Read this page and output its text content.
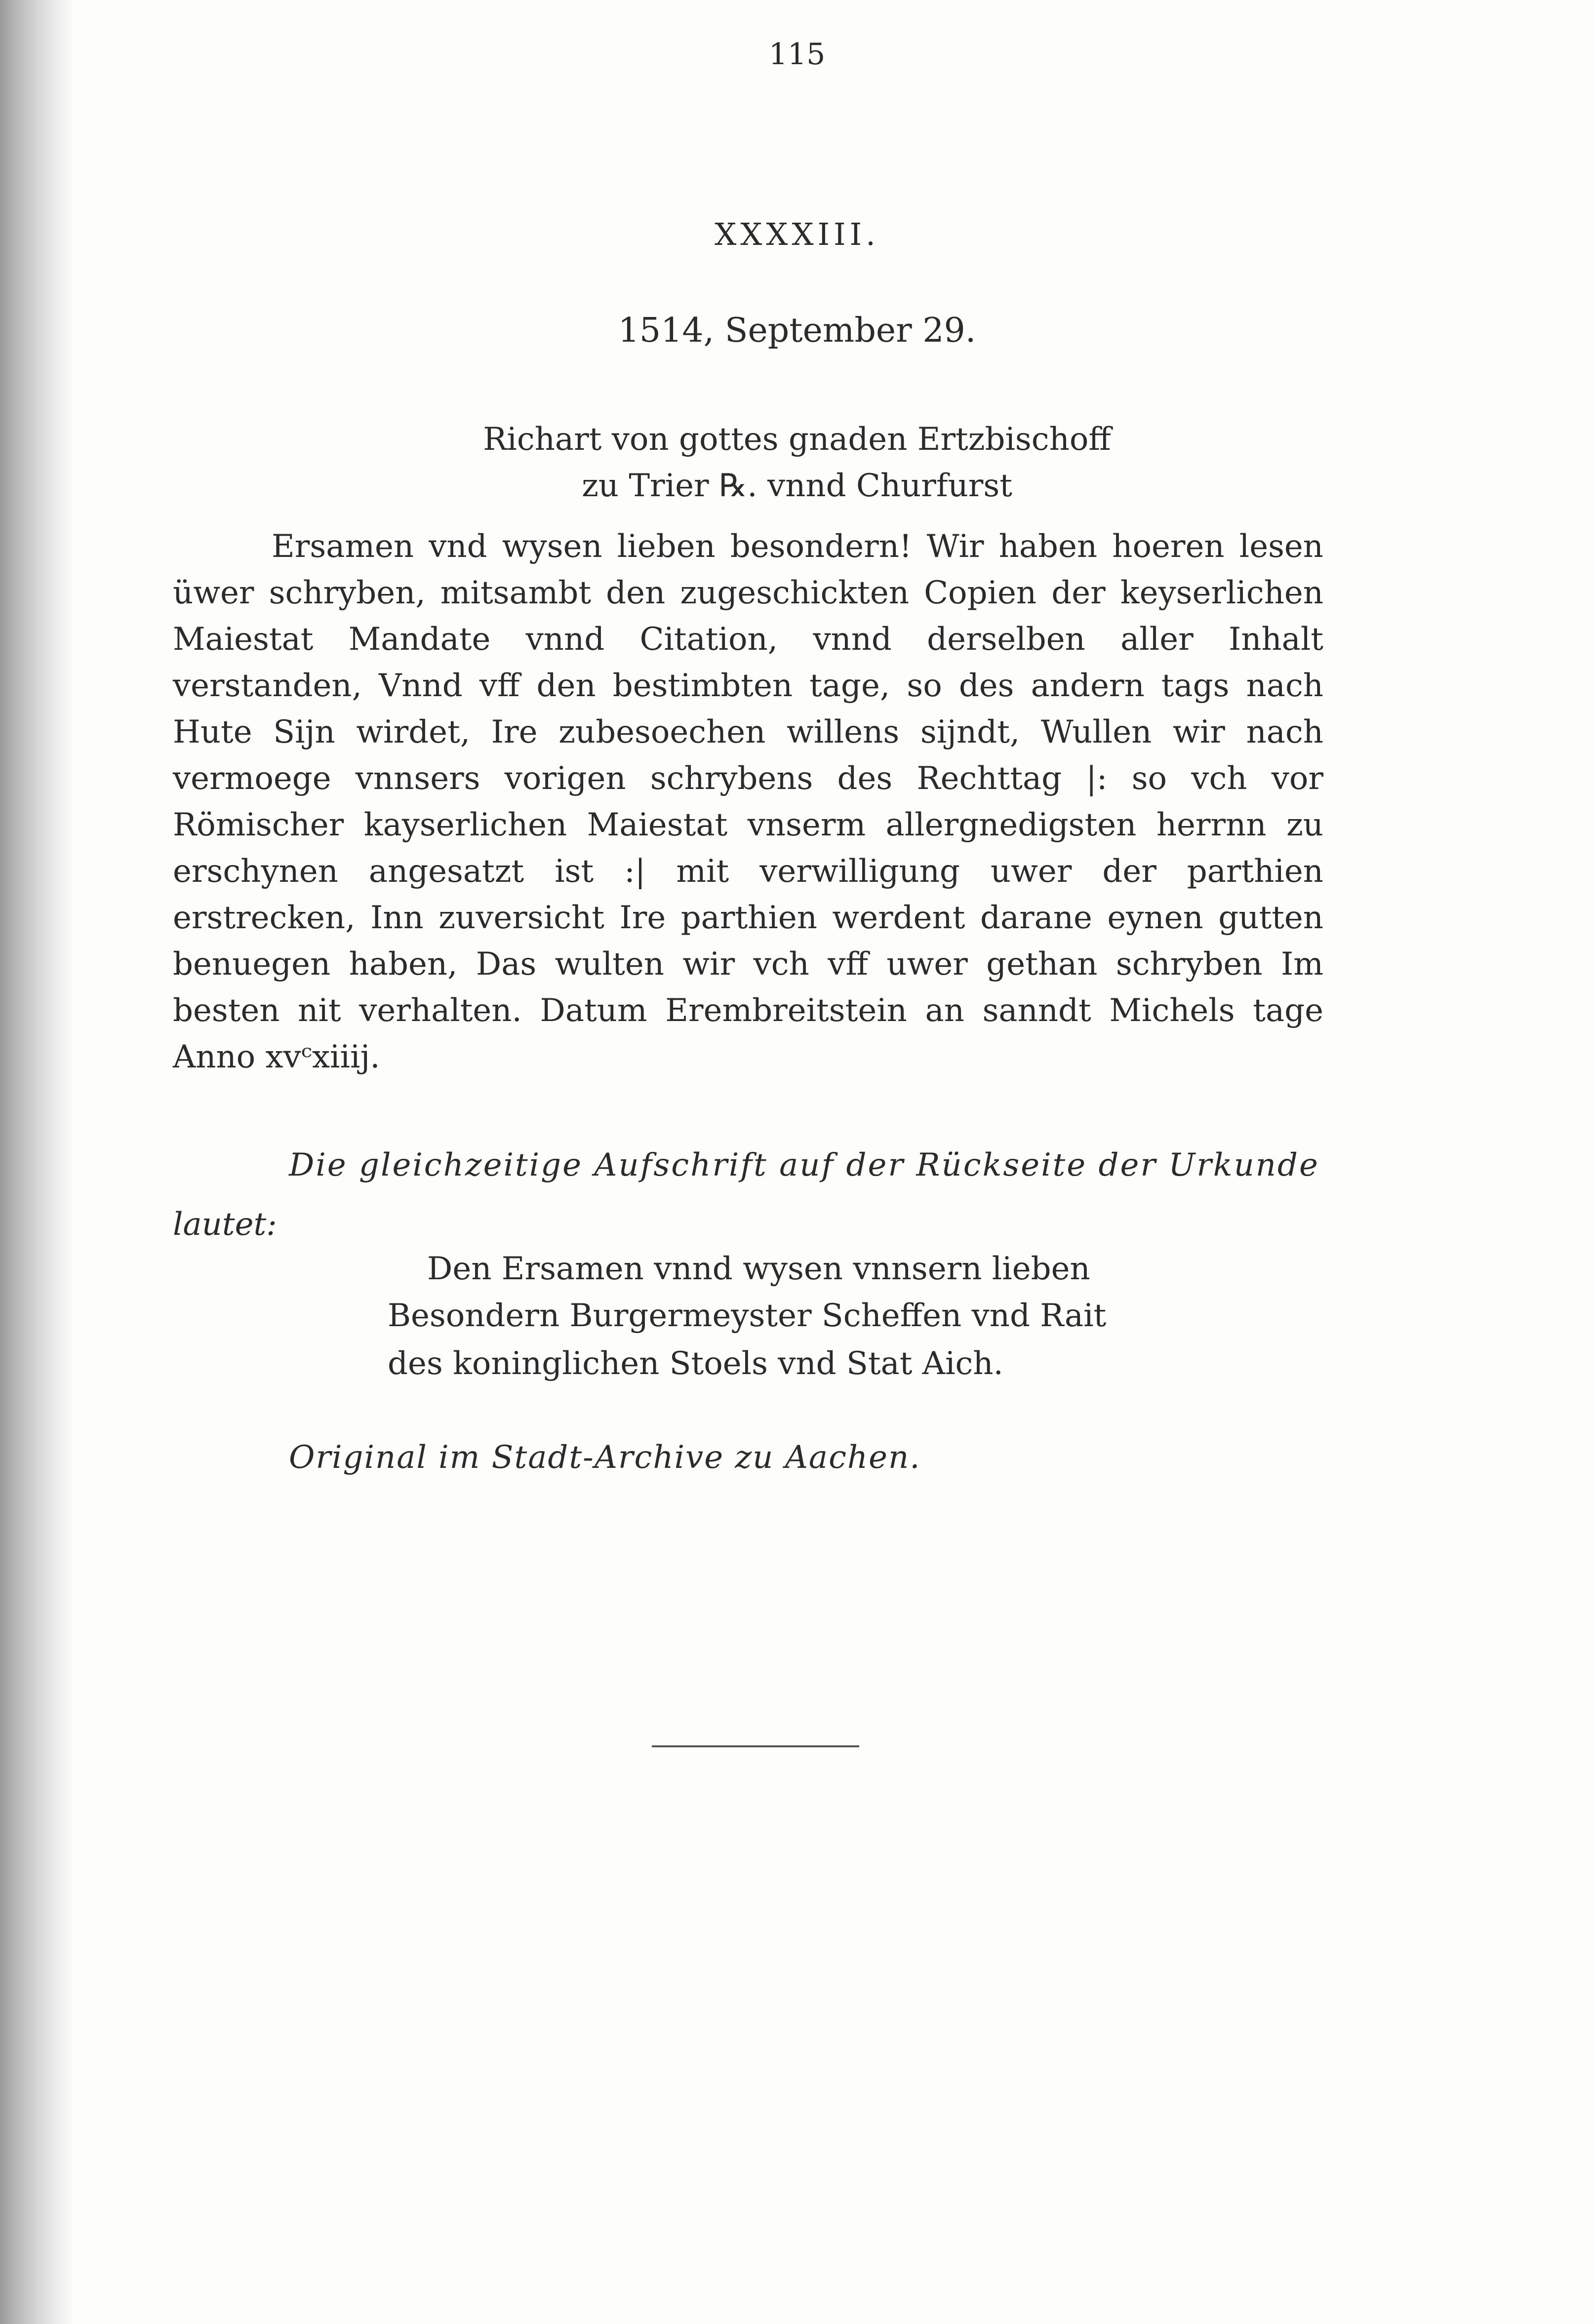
115
XXXXIII.
1514, September 29.
Richart von gottes gnaden Ertzbischoff
zu Trier ℞. vnnd Churfurst
Ersamen vnd wysen lieben besondern! Wir haben hoeren lesen üwer schryben, mitsambt den zugeschickten Copien der keyserlichen Maiestat Mandate vnnd Citation, vnnd derselben aller Inhalt verstanden, Vnnd vff den bestimbten tage, so des andern tags nach Hute Sijn wirdet, Ire zubesoechen willens sijndt, Wullen wir nach vermoege vnnsers vorigen schrybens des Rechttag |: so vch vor Römischer kayserlichen Maiestat vnserm allergnedigsten herrnn zu erschynen angesatzt ist :| mit verwilligung uwer der parthien erstrecken, Inn zuversicht Ire parthien werdent darane eynen gutten benuegen haben, Das wulten wir vch vff uwer gethan schryben Im besten nit verhalten. Datum Erembreitstein an sanndt Michels tage Anno xvᶜxiiij.
Die gleichzeitige Aufschrift auf der Rückseite der Urkunde
lautet:
Den Ersamen vnnd wysen vnnsern lieben
Besondern Burgermeyster Scheffen vnd Rait
des koninglichen Stoels vnd Stat Aich.
Original im Stadt-Archive zu Aachen.
